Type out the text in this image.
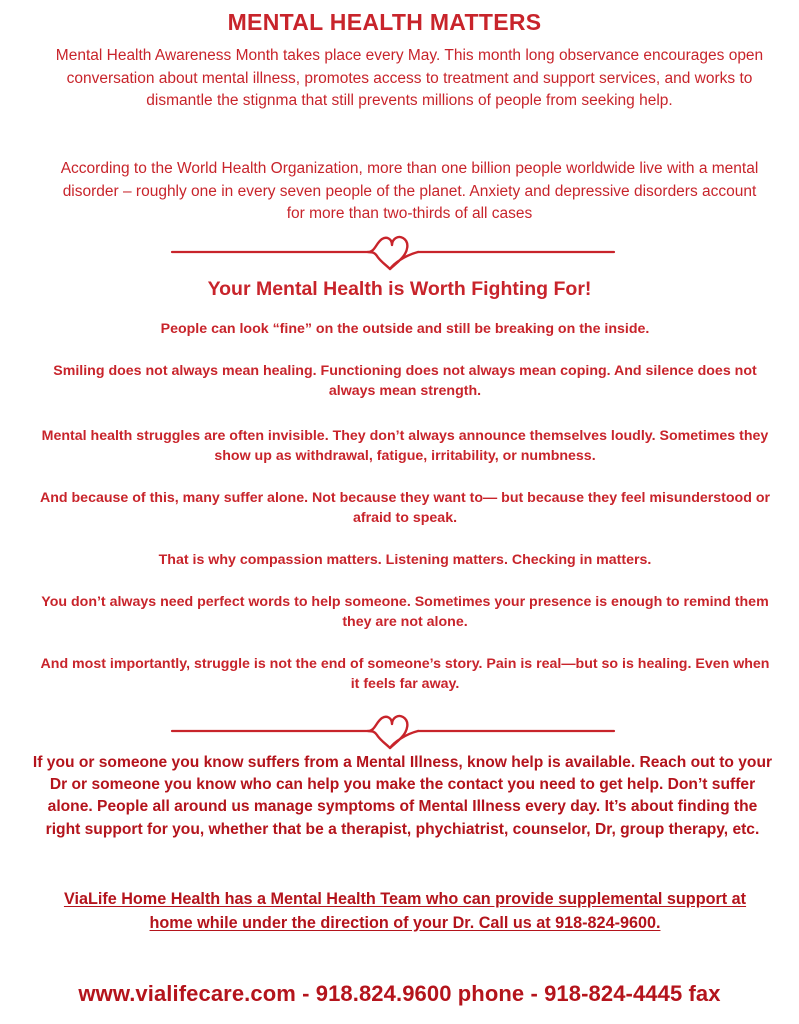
MENTAL HEALTH MATTERS

Mental Health Awareness Month takes place every May. This month long observance encourages open conversation about mental illness, promotes access to treatment and support services, and works to dismantle the stignma that still prevents millions of people from seeking help.

According to the World Health Organization, more than one billion people worldwide live with a mental disorder – roughly one in every seven people of the planet. Anxiety and depressive disorders account for more than two-thirds of all cases

Your Mental Health is Worth Fighting For!

People can look “fine” on the outside and still be breaking on the inside.

Smiling does not always mean healing. Functioning does not always mean coping. And silence does not always mean strength.

Mental health struggles are often invisible. They don’t always announce themselves loudly. Sometimes they show up as withdrawal, fatigue, irritability, or numbness.

And because of this, many suffer alone. Not because they want to— but because they feel misunderstood or afraid to speak.

That is why compassion matters. Listening matters. Checking in matters.

You don’t always need perfect words to help someone. Sometimes your presence is enough to remind them they are not alone.

And most importantly, struggle is not the end of someone’s story. Pain is real—but so is healing. Even when it feels far away.

If you or someone you know suffers from a Mental Illness, know help is available. Reach out to your Dr or someone you know who can help you make the contact you need to get help. Don’t suffer alone. People all around us manage symptoms of Mental Illness every day. It’s about finding the right support for you, whether that be a therapist, phychiatrist, counselor, Dr, group therapy, etc.

ViaLife Home Health has a Mental Health Team who can provide supplemental support at home while under the direction of your Dr. Call us at 918-824-9600.

www.vialifecare.com - 918.824.9600 phone - 918-824-4445 fax
